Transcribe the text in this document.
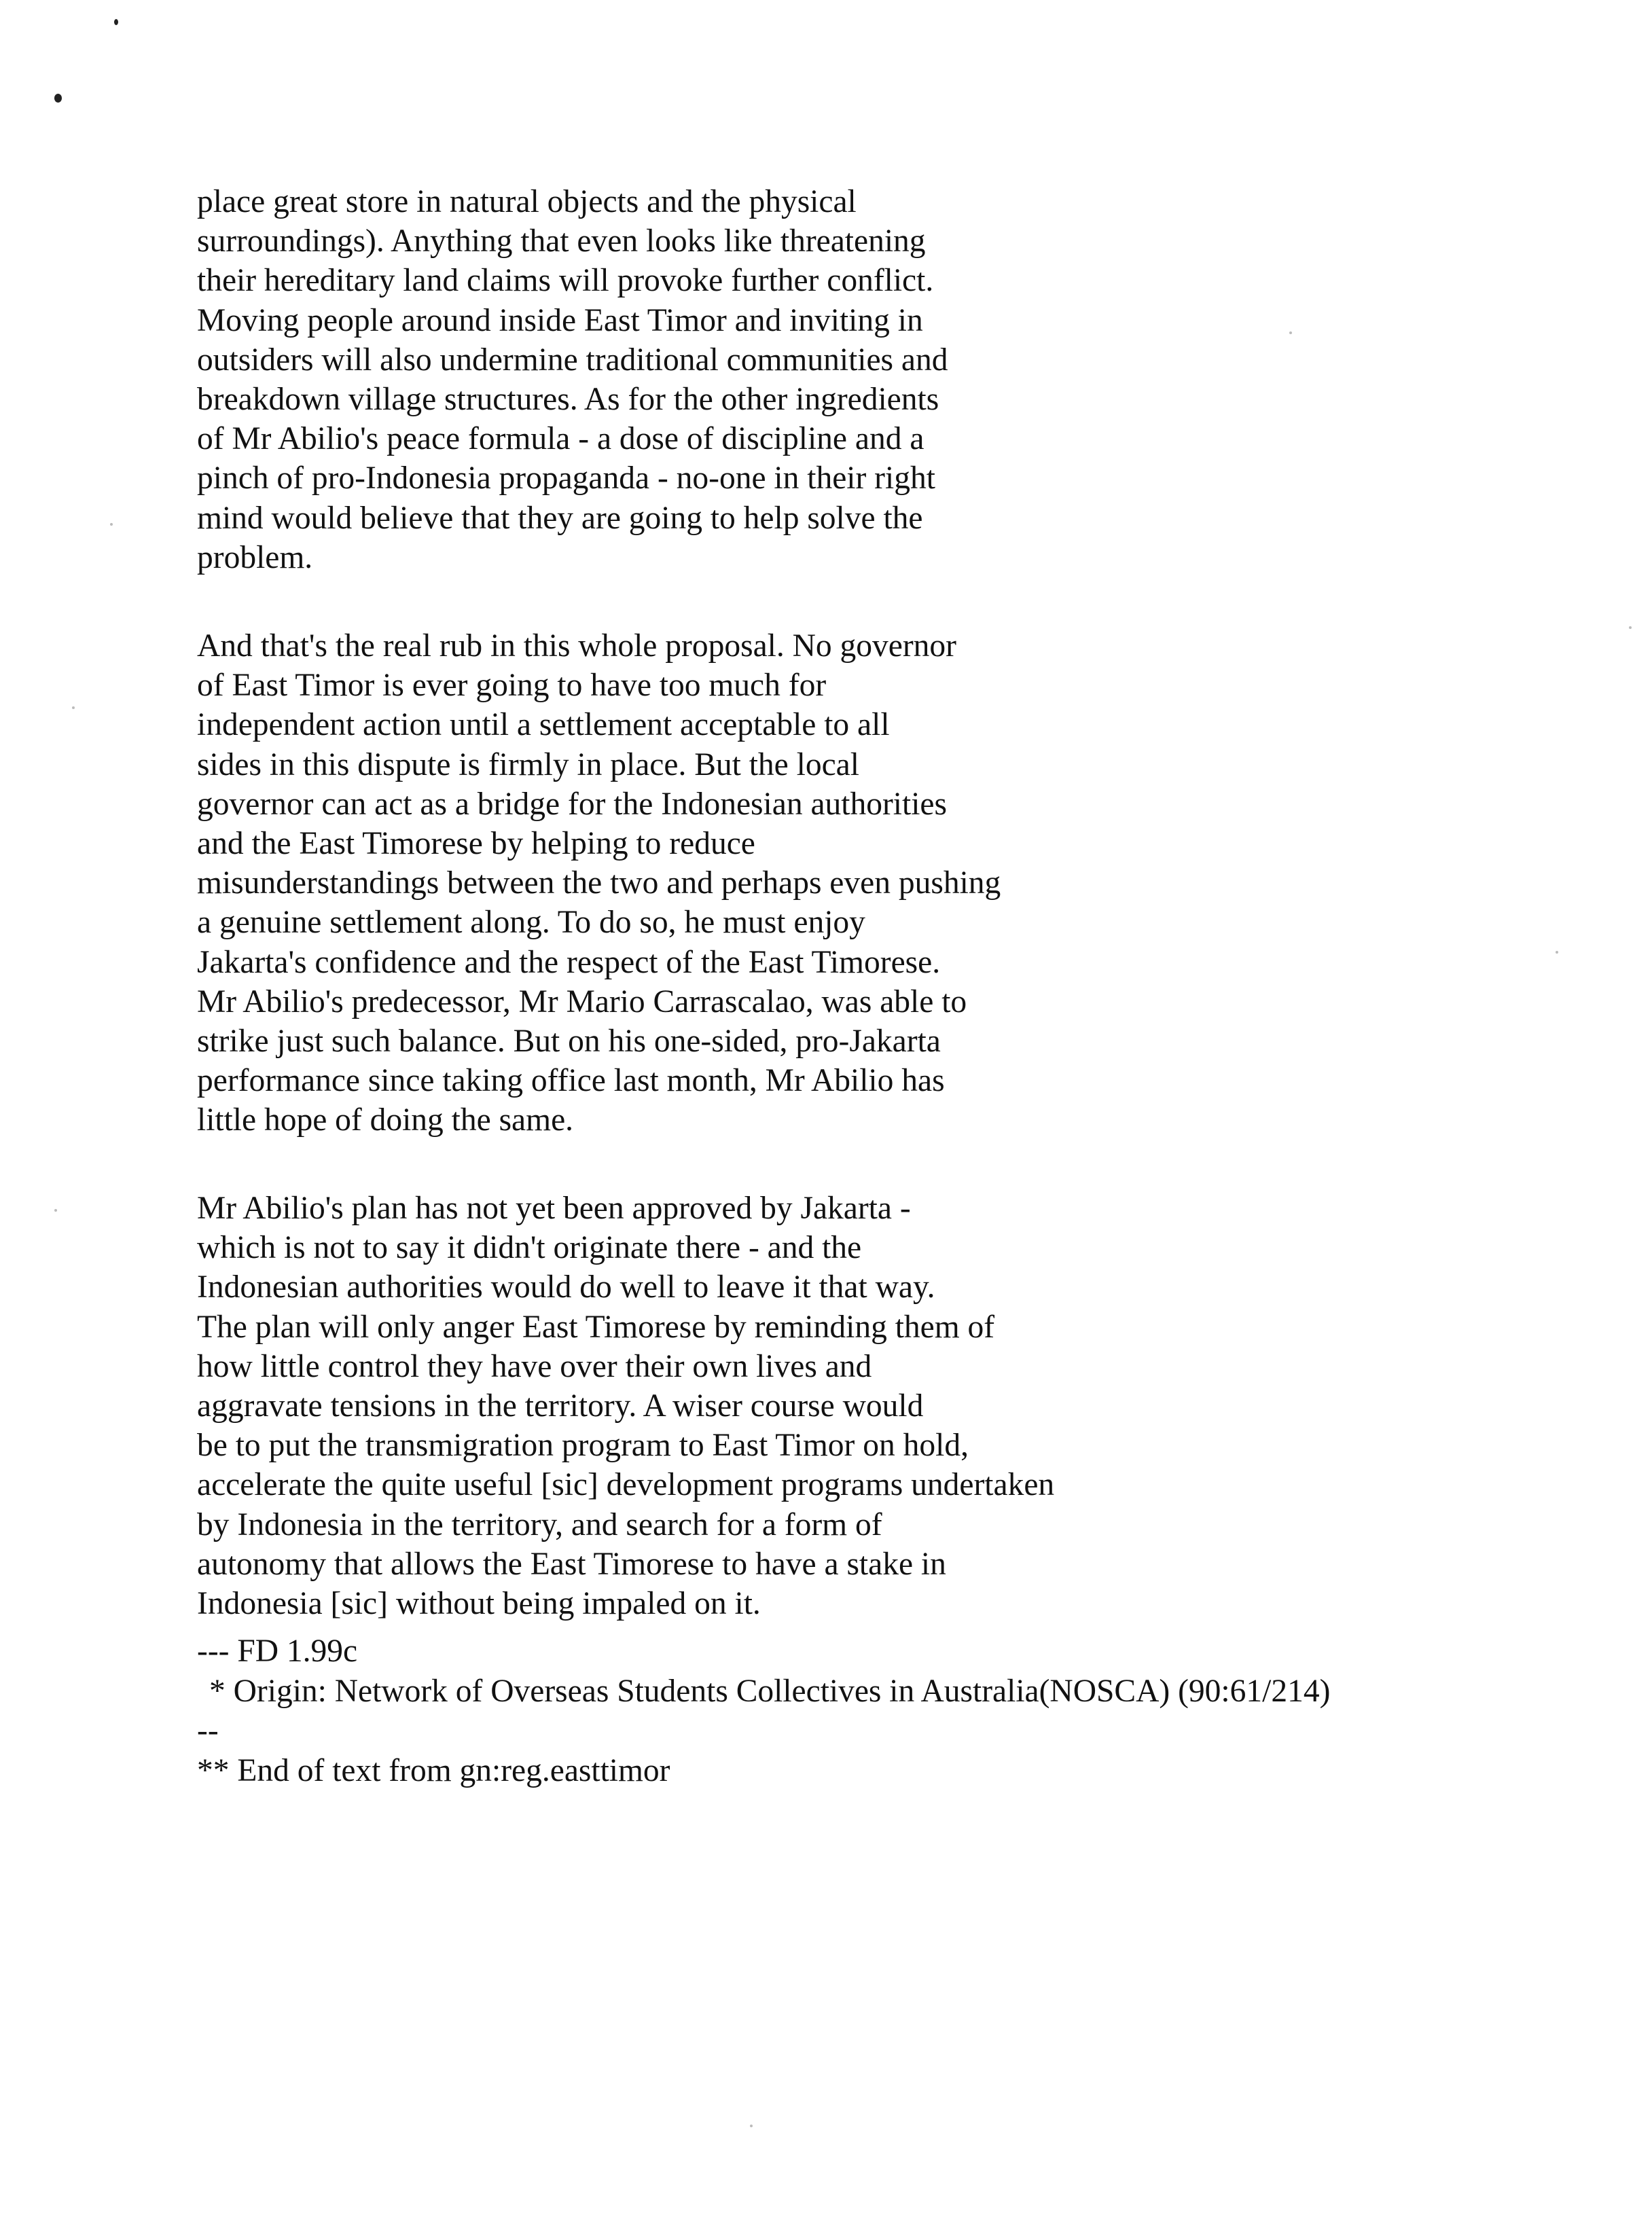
place great store in natural objects and the physical
surroundings). Anything that even looks like threatening
their hereditary land claims will provoke further conflict.
Moving people around inside East Timor and inviting in
outsiders will also undermine traditional communities and
breakdown village structures. As for the other ingredients
of Mr Abilio's peace formula - a dose of discipline and a
pinch of pro-Indonesia propaganda - no-one in their right
mind would believe that they are going to help solve the
problem.
And that's the real rub in this whole proposal. No governor
of East Timor is ever going to have too much for
independent action until a settlement acceptable to all
sides in this dispute is firmly in place. But the local
governor can act as a bridge for the Indonesian authorities
and the East Timorese by helping to reduce
misunderstandings between the two and perhaps even pushing
a genuine settlement along. To do so, he must enjoy
Jakarta's confidence and the respect of the East Timorese.
Mr Abilio's predecessor, Mr Mario Carrascalao, was able to
strike just such balance. But on his one-sided, pro-Jakarta
performance since taking office last month, Mr Abilio has
little hope of doing the same.
Mr Abilio's plan has not yet been approved by Jakarta -
which is not to say it didn't originate there - and the
Indonesian authorities would do well to leave it that way.
The plan will only anger East Timorese by reminding them of
how little control they have over their own lives and
aggravate tensions in the territory. A wiser course would
be to put the transmigration program to East Timor on hold,
accelerate the quite useful [sic] development programs undertaken
by Indonesia in the territory, and search for a form of
autonomy that allows the East Timorese to have a stake in
Indonesia [sic] without being impaled on it.
--- FD 1.99c
* Origin: Network of Overseas Students Collectives in Australia(NOSCA) (90:61/214)
--
** End of text from gn:reg.easttimor
